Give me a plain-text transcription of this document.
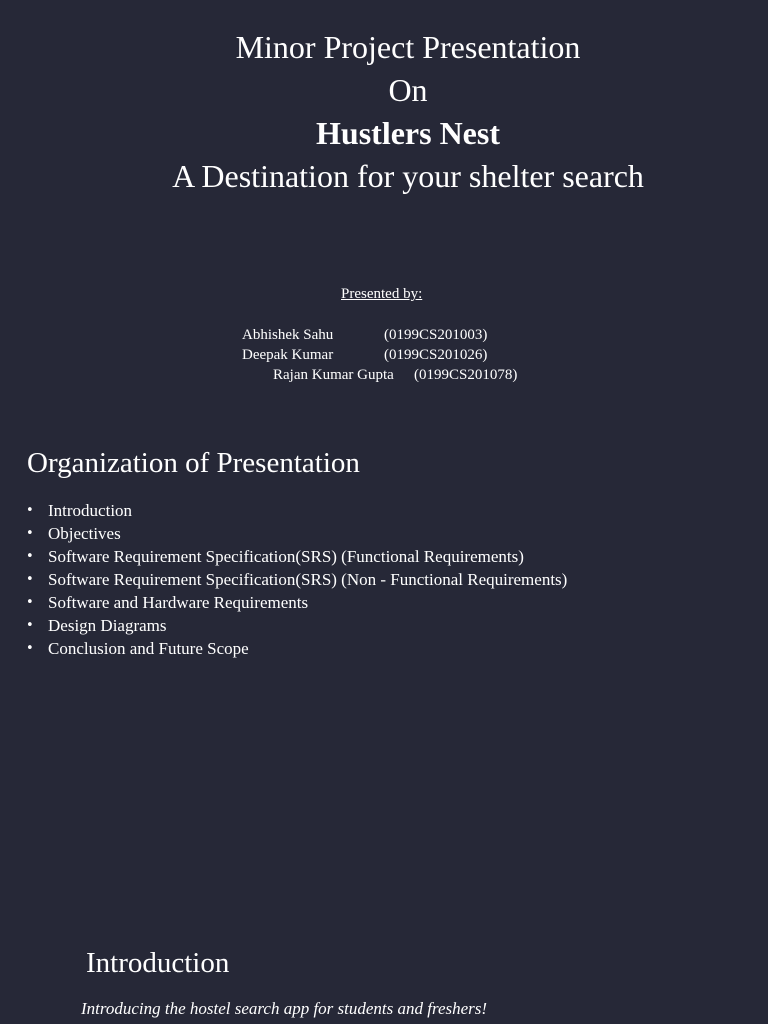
Minor Project Presentation
On
Hustlers Nest
A Destination for your shelter search
Presented by:
Abhishek Sahu	(0199CS201003)
Deepak Kumar	(0199CS201026)
Rajan Kumar Gupta (0199CS201078)
Organization of Presentation
• Introduction
• Objectives
• Software Requirement Specification(SRS) (Functional Requirements)
• Software Requirement Specification(SRS) (Non - Functional Requirements)
• Software and Hardware Requirements
• Design Diagrams
• Conclusion and Future Scope
Introduction
Introducing the hostel search app for students and freshers!
